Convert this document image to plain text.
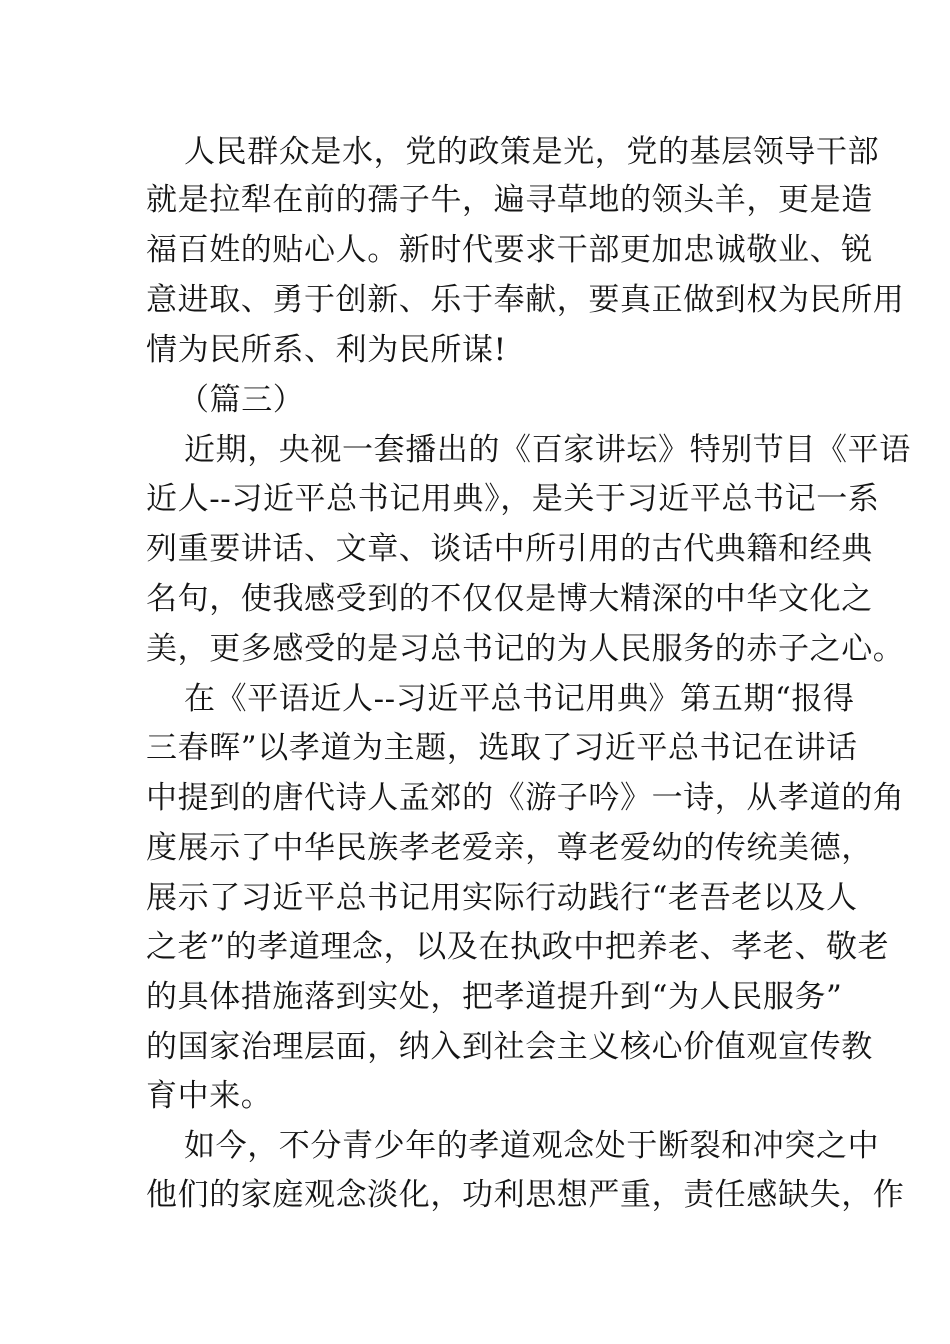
人民群众是水，党的政策是光，党的基层领导干部
就是拉犁在前的孺子牛，遍寻草地的领头羊，更是造
福百姓的贴心人。新时代要求干部更加忠诚敬业、锐
意进取、勇于创新、乐于奉献，要真正做到权为民所用
情为民所系、利为民所谋!
（篇三）
近期，央视一套播出的《百家讲坛》特别节目《平语
近人--习近平总书记用典》，是关于习近平总书记一系
列重要讲话、文章、谈话中所引用的古代典籍和经典
名句，使我感受到的不仅仅是博大精深的中华文化之
美，更多感受的是习总书记的为人民服务的赤子之心。
在《平语近人--习近平总书记用典》第五期“报得
三春晖”以孝道为主题，选取了习近平总书记在讲话
中提到的唐代诗人孟郊的《游子吟》一诗，从孝道的角
度展示了中华民族孝老爱亲，尊老爱幼的传统美德，
展示了习近平总书记用实际行动践行“老吾老以及人
之老”的孝道理念，以及在执政中把养老、孝老、敬老
的具体措施落到实处，把孝道提升到“为人民服务”
的国家治理层面，纳入到社会主义核心价值观宣传教
育中来。
如今，不分青少年的孝道观念处于断裂和冲突之中
他们的家庭观念淡化，功利思想严重，责任感缺失，作
